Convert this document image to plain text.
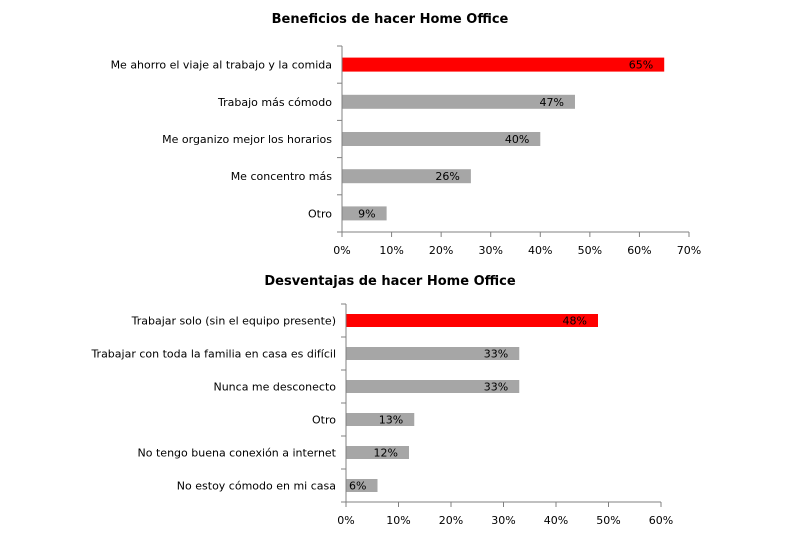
Beneficios de hacer Home Office
0%	10% 20% 30% 40% 50% 60% 70%
Me ahorro el viaje al trabajo y la comida	65%
Trabajo más cómodo	47%
Me organizo mejor los horarios	40%
Me concentro más	26%
Otro 9%
Desventajas de hacer Home Office
0%	10%	20%	30%	40%	50%	60%
Trabajar solo (sin el equipo presente)	48%
Trabajar con toda la familia en casa es difícil	33%
Nunca me desconecto	33%
Otro	13%
No tengo buena conexión a internet	12%
No estoy cómodo en mi casa 6%
